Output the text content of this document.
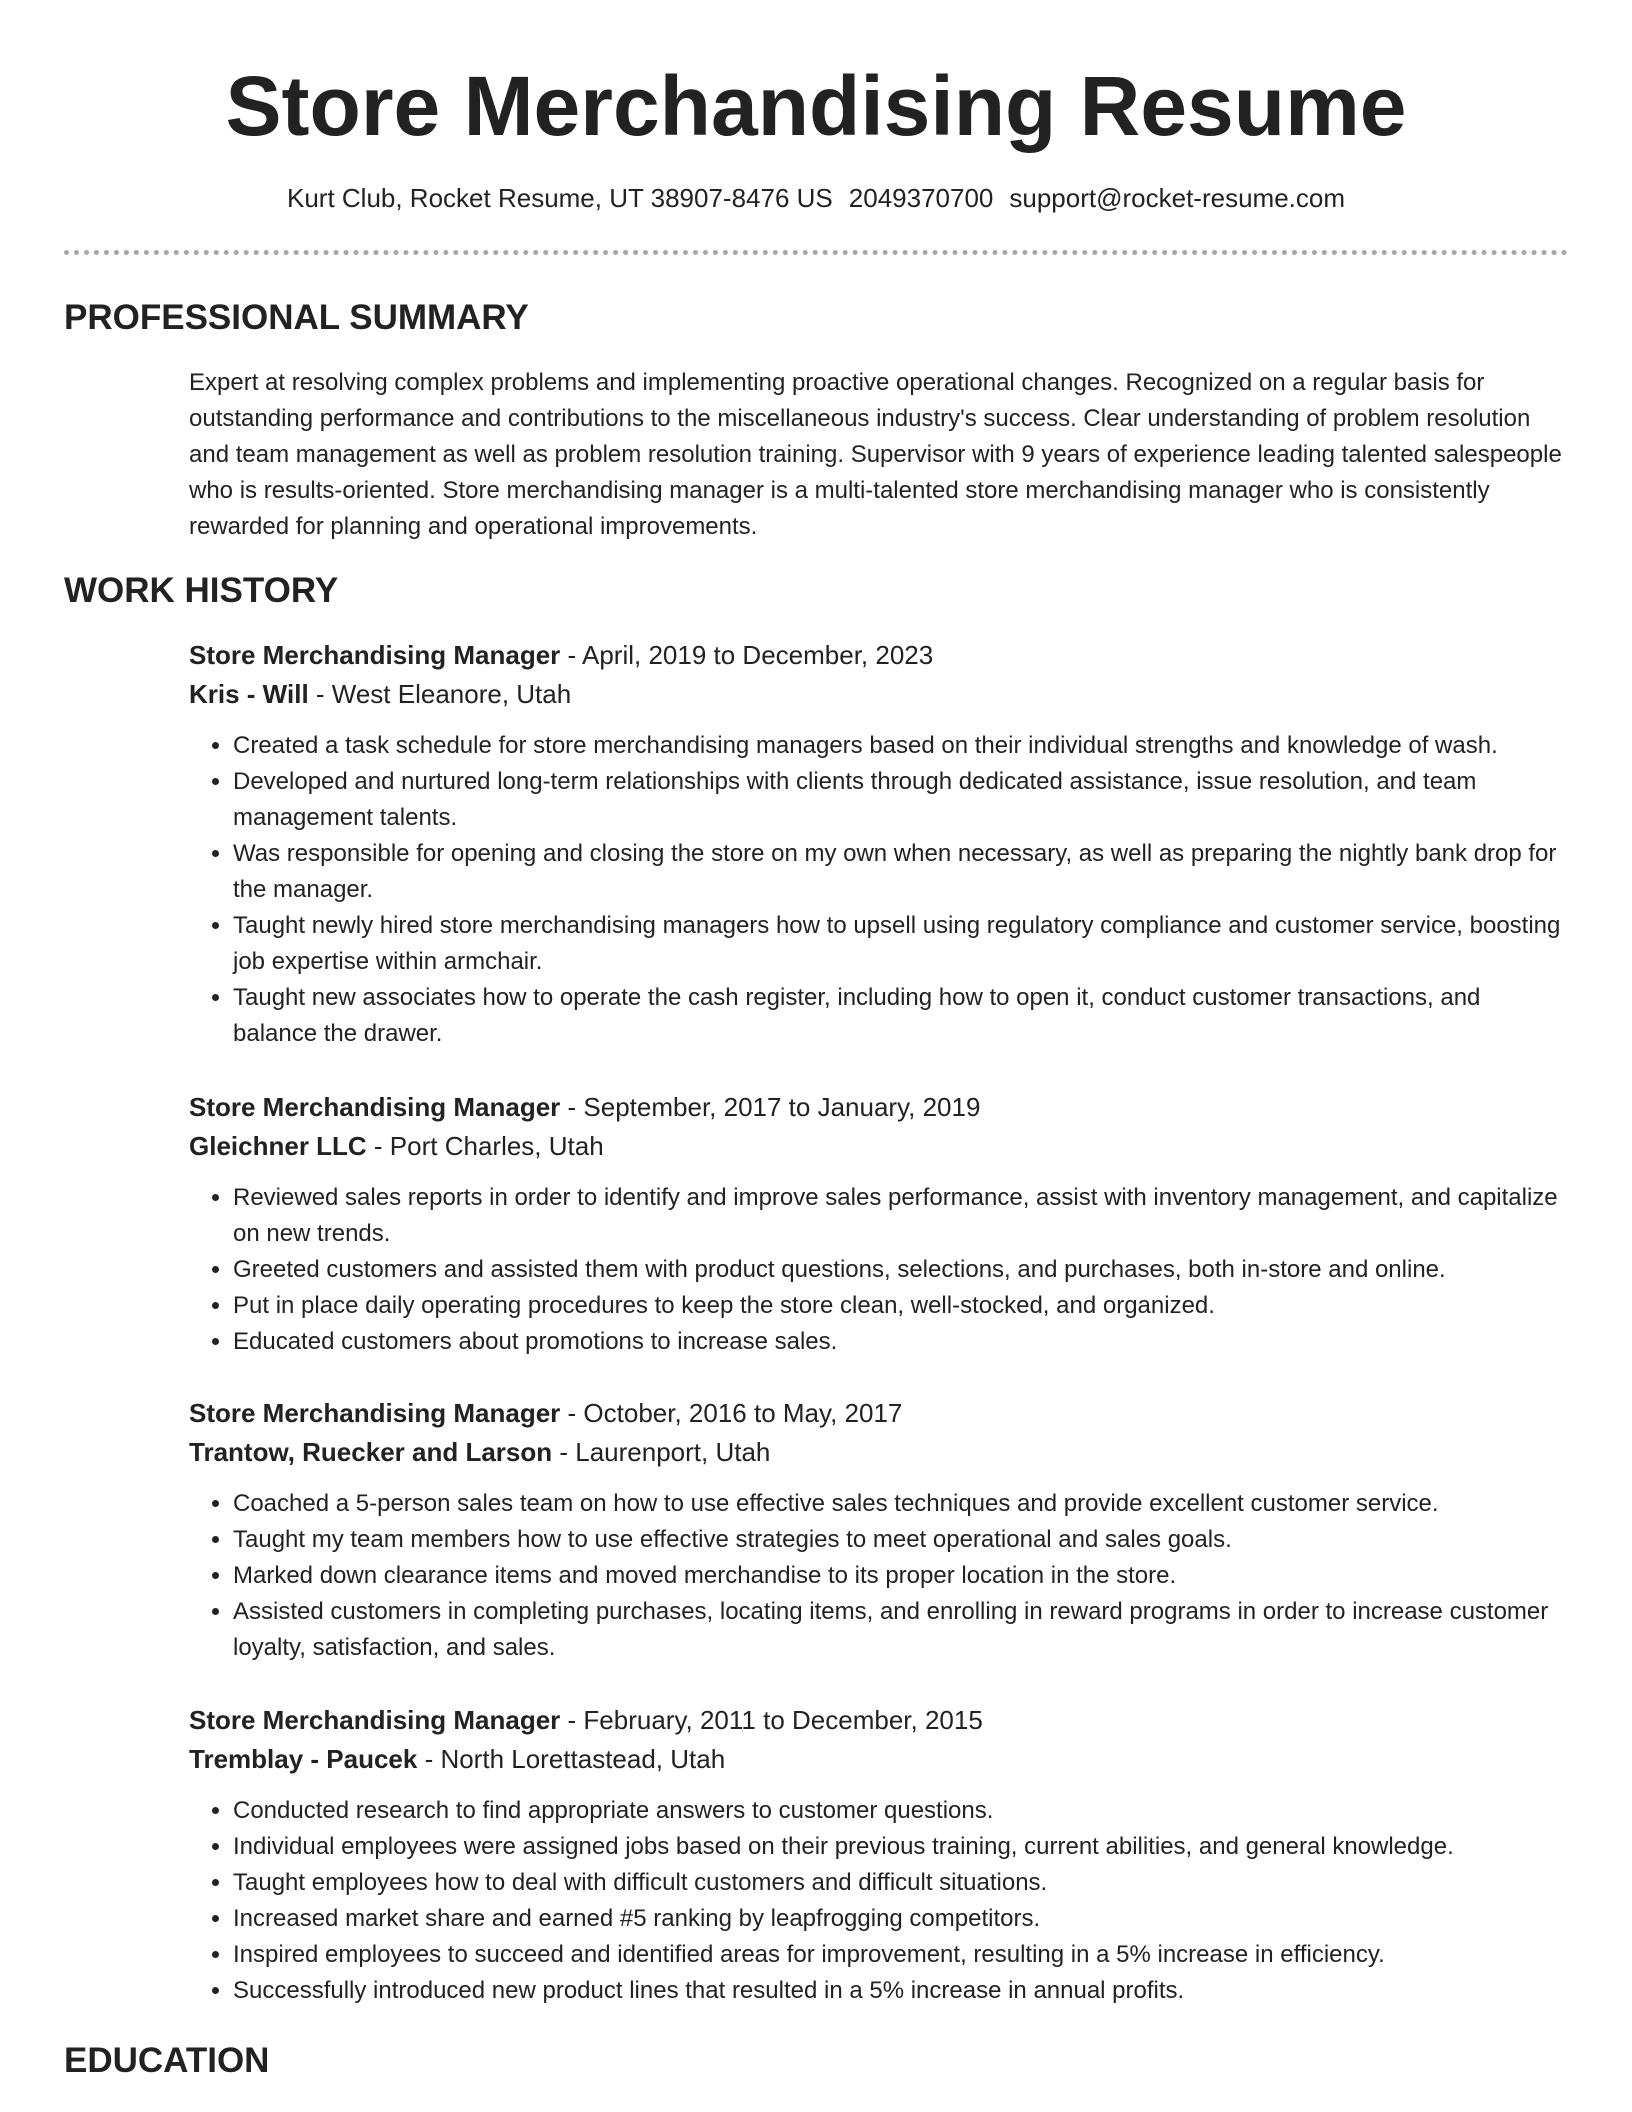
Store Merchandising Resume
Kurt Club, Rocket Resume, UT 38907-8476 US 2049370700 support@rocket-resume.com
PROFESSIONAL SUMMARY

Expert at resolving complex problems and implementing proactive operational changes. Recognized on a regular basis for outstanding performance and contributions to the miscellaneous industry's success. Clear understanding of problem resolution and team management as well as problem resolution training. Supervisor with 9 years of experience leading talented salespeople who is results-oriented. Store merchandising manager is a multi-talented store merchandising manager who is consistently rewarded for planning and operational improvements.

WORK HISTORY

Store Merchandising Manager - April, 2019 to December, 2023

Kris - Will - West Eleanore, Utah

• Created a task schedule for store merchandising managers based on their individual strengths and knowledge of wash.
• Developed and nurtured long-term relationships with clients through dedicated assistance, issue resolution, and team management talents.
• Was responsible for opening and closing the store on my own when necessary, as well as preparing the nightly bank drop for the manager.
• Taught newly hired store merchandising managers how to upsell using regulatory compliance and customer service, boosting job expertise within armchair.
• Taught new associates how to operate the cash register, including how to open it, conduct customer transactions, and balance the drawer.

Store Merchandising Manager - September, 2017 to January, 2019

Gleichner LLC - Port Charles, Utah

• Reviewed sales reports in order to identify and improve sales performance, assist with inventory management, and capitalize on new trends.
• Greeted customers and assisted them with product questions, selections, and purchases, both in-store and online.
• Put in place daily operating procedures to keep the store clean, well-stocked, and organized.
• Educated customers about promotions to increase sales.

Store Merchandising Manager - October, 2016 to May, 2017

Trantow, Ruecker and Larson - Laurenport, Utah

• Coached a 5-person sales team on how to use effective sales techniques and provide excellent customer service.
• Taught my team members how to use effective strategies to meet operational and sales goals.
• Marked down clearance items and moved merchandise to its proper location in the store.
• Assisted customers in completing purchases, locating items, and enrolling in reward programs in order to increase customer loyalty, satisfaction, and sales.

Store Merchandising Manager - February, 2011 to December, 2015

Tremblay - Paucek - North Lorettastead, Utah

• Conducted research to find appropriate answers to customer questions.
• Individual employees were assigned jobs based on their previous training, current abilities, and general knowledge.
• Taught employees how to deal with difficult customers and difficult situations.
• Increased market share and earned #5 ranking by leapfrogging competitors.
• Inspired employees to succeed and identified areas for improvement, resulting in a 5% increase in efficiency.
• Successfully introduced new product lines that resulted in a 5% increase in annual profits.
EDUCATION
